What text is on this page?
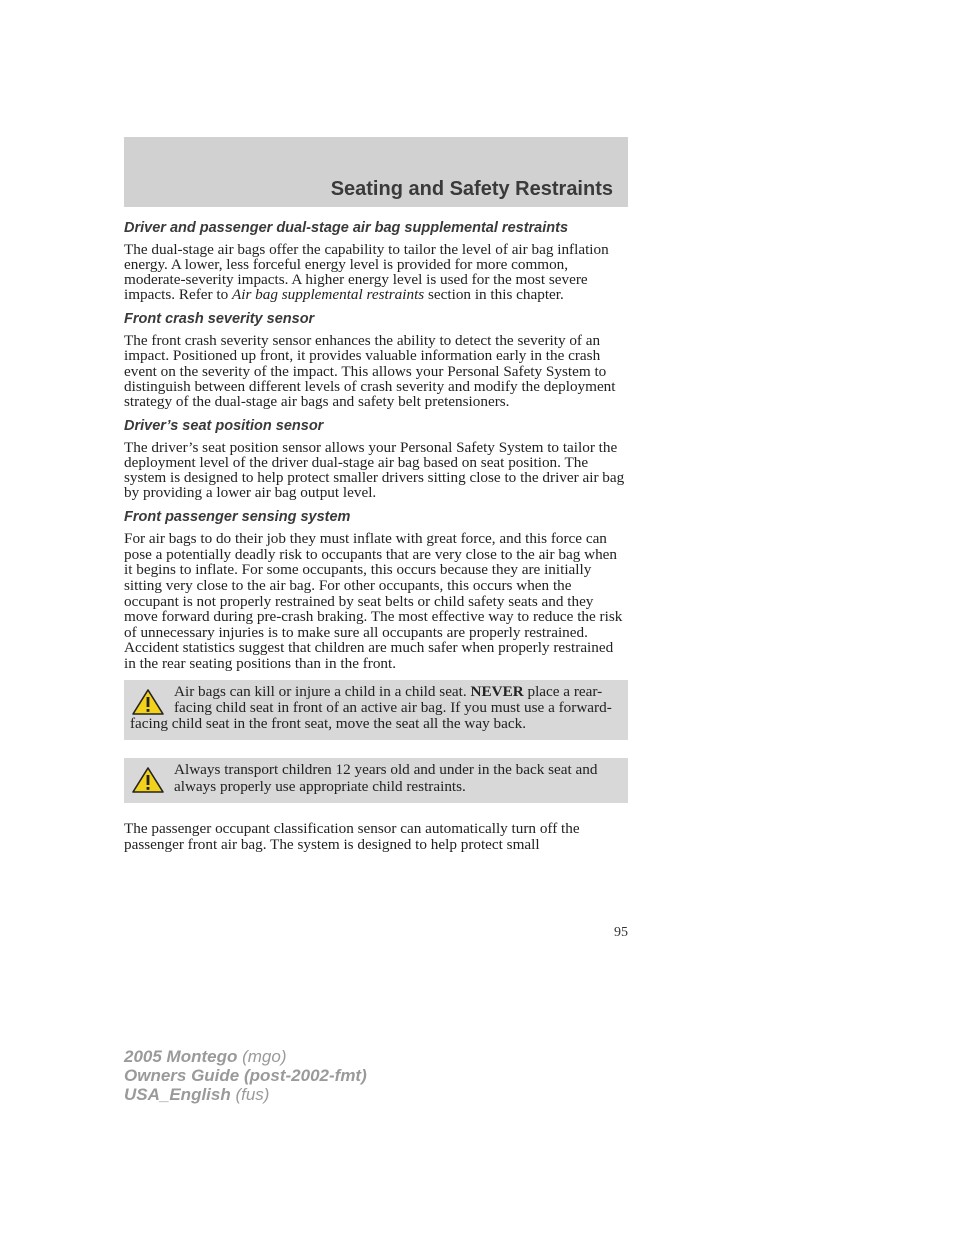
Seating and Safety Restraints
Driver and passenger dual-stage air bag supplemental restraints

The dual-stage air bags offer the capability to tailor the level of air bag inflation energy. A lower, less forceful energy level is provided for more common, moderate-severity impacts. A higher energy level is used for the most severe impacts. Refer to Air bag supplemental restraints section in this chapter.

Front crash severity sensor

The front crash severity sensor enhances the ability to detect the severity of an impact. Positioned up front, it provides valuable information early in the crash event on the severity of the impact. This allows your Personal Safety System to distinguish between different levels of crash severity and modify the deployment strategy of the dual-stage air bags and safety belt pretensioners.

Driver’s seat position sensor

The driver’s seat position sensor allows your Personal Safety System to tailor the deployment level of the driver dual-stage air bag based on seat position. The system is designed to help protect smaller drivers sitting close to the driver air bag by providing a lower air bag output level.

Front passenger sensing system

For air bags to do their job they must inflate with great force, and this force can pose a potentially deadly risk to occupants that are very close to the air bag when it begins to inflate. For some occupants, this occurs because they are initially sitting very close to the air bag. For other occupants, this occurs when the occupant is not properly restrained by seat belts or child safety seats and they move forward during pre-crash braking. The most effective way to reduce the risk of unnecessary injuries is to make sure all occupants are properly restrained. Accident statistics suggest that children are much safer when properly restrained in the rear seating positions than in the front.

Air bags can kill or injure a child in a child seat. NEVER place a rear-facing child seat in front of an active air bag. If you must use a forward-facing child seat in the front seat, move the seat all the way back.
Always transport children 12 years old and under in the back seat and always properly use appropriate child restraints.

The passenger occupant classification sensor can automatically turn off the passenger front air bag. The system is designed to help protect small

95

2005 Montego (mgo)

Owners Guide (post-2002-fmt)

USA_English (fus)
